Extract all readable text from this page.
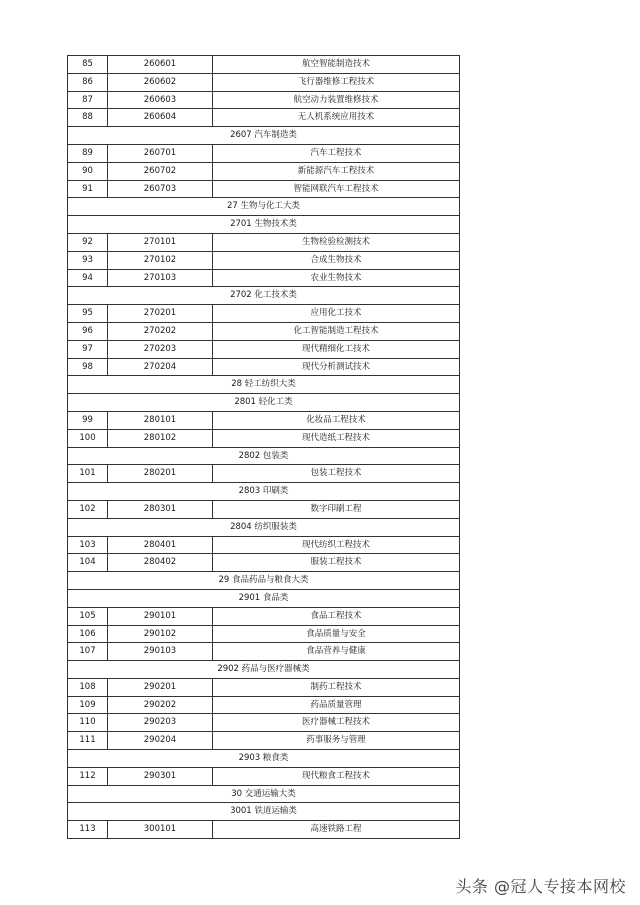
85	260601	航空智能制造技术
86	260602	飞行器维修工程技术
87	260603	航空动力装置维修技术
88	260604	无人机系统应用技术
2607 汽车制造类		
89	260701	汽车工程技术
90	260702	新能源汽车工程技术
91	260703	智能网联汽车工程技术
27 生物与化工大类		
2701 生物技术类		
92	270101	生物检验检测技术
93	270102	合成生物技术
94	270103	农业生物技术
2702 化工技术类		
95	270201	应用化工技术
96	270202	化工智能制造工程技术
97	270203	现代精细化工技术
98	270204	现代分析测试技术
28 轻工纺织大类		
2801 轻化工类		
99	280101	化妆品工程技术
100	280102	现代造纸工程技术
2802 包装类		
101	280201	包装工程技术
2803 印刷类		
102	280301	数字印刷工程
2804 纺织服装类		
103	280401	现代纺织工程技术
104	280402	服装工程技术
29 食品药品与粮食大类		
2901 食品类		
105	290101	食品工程技术
106	290102	食品质量与安全
107	290103	食品营养与健康
2902 药品与医疗器械类		
108	290201	制药工程技术
109	290202	药品质量管理
110	290203	医疗器械工程技术
111	290204	药事服务与管理
2903 粮食类		
112	290301	现代粮食工程技术
30 交通运输大类		
3001 铁道运输类		
113	300101	高速铁路工程
头条 @冠人专接本网校
